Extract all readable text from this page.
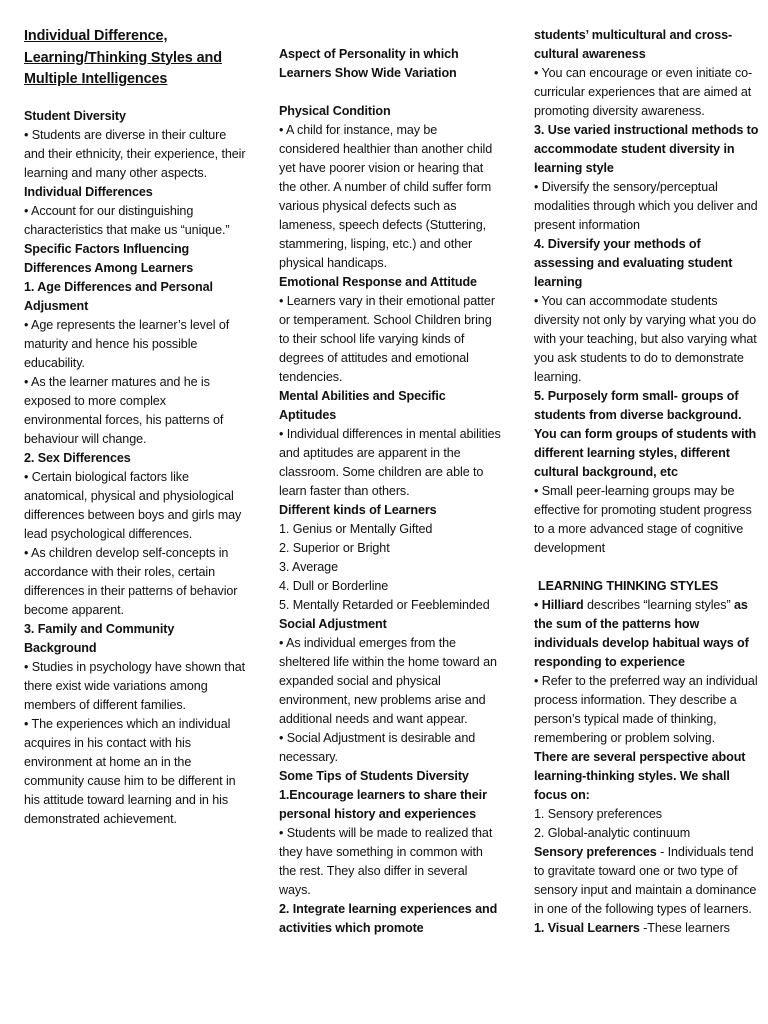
Individual Difference, Learning/Thinking Styles and Multiple Intelligences
Student Diversity
• Students are diverse in their culture and their ethnicity, their experience, their learning and many other aspects.
Individual Differences
• Account for our distinguishing characteristics that make us “unique.”
Specific Factors Influencing Differences Among Learners
1. Age Differences and Personal Adjusment
• Age represents the learner’s level of maturity and hence his possible educability.
• As the learner matures and he is exposed to more complex environmental forces, his patterns of behaviour will change.
2. Sex Differences
• Certain biological factors like anatomical, physical and physiological differences between boys and girls may lead psychological differences.
• As children develop self-concepts in accordance with their roles, certain differences in their patterns of behavior become apparent.
3. Family and Community Background
• Studies in psychology have shown that there exist wide variations among members of different families.
• The experiences which an individual acquires in his contact with his environment at home an in the community cause him to be different in his attitude toward learning and in his demonstrated achievement.
Aspect of Personality in which Learners Show Wide Variation
Physical Condition
• A child for instance, may be considered healthier than another child yet have poorer vision or hearing that the other. A number of child suffer form various physical defects such as lameness, speech defects (Stuttering, stammering, lisping, etc.) and other physical handicaps.
Emotional Response and Attitude
• Learners vary in their emotional patter or temperament. School Children bring to their school life varying kinds of degrees of attitudes and emotional tendencies.
Mental Abilities and Specific Aptitudes
• Individual differences in mental abilities and aptitudes are apparent in the classroom. Some children are able to learn faster than others.
Different kinds of Learners
1. Genius or Mentally Gifted
2. Superior or Bright
3. Average
4. Dull or Borderline
5. Mentally Retarded or Feebleminded
Social Adjustment
• As individual emerges from the sheltered life within the home toward an expanded social and physical environment, new problems arise and additional needs and want appear.
• Social Adjustment is desirable and necessary.
Some Tips of Students Diversity
1.Encourage learners to share their personal history and experiences
• Students will be made to realized that they have something in common with the rest. They also differ in several ways.
2. Integrate learning experiences and activities which promote
students’ multicultural and cross-cultural awareness
• You can encourage or even initiate co-curricular experiences that are aimed at promoting diversity awareness.
3. Use varied instructional methods to accommodate student diversity in learning style
• Diversify the sensory/perceptual modalities through which you deliver and present information
4. Diversify your methods of assessing and evaluating student learning
• You can accommodate students diversity not only by varying what you do with your teaching, but also varying what you ask students to do to demonstrate learning.
5. Purposely form small- groups of students from diverse background. You can form groups of students with different learning styles, different cultural background, etc
• Small peer-learning groups may be effective for promoting student progress to a more advanced stage of cognitive development
LEARNING THINKING STYLES
• Hilliard describes “learning styles” as the sum of the patterns how individuals develop habitual ways of responding to experience
• Refer to the preferred way an individual process information. They describe a person’s typical made of thinking, remembering or problem solving.
There are several perspective about learning-thinking styles. We shall focus on:
1. Sensory preferences
2. Global-analytic continuum
Sensory preferences - Individuals tend to gravitate toward one or two type of sensory input and maintain a dominance in one of the following types of learners.
1. Visual Learners -These learners
